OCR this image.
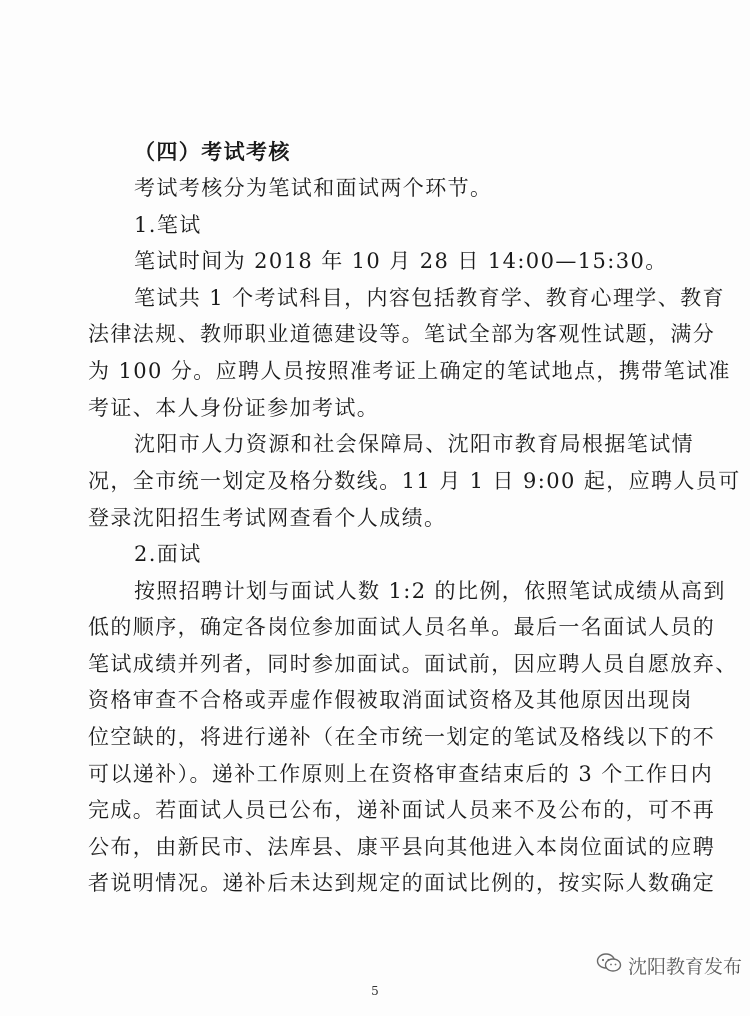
（四）考试考核
考试考核分为笔试和面试两个环节。
1.笔试
笔试时间为 2018 年 10 月 28 日 14:00—15:30。
笔试共 1 个考试科目，内容包括教育学、教育心理学、教育
法律法规、教师职业道德建设等。笔试全部为客观性试题，满分
为 100 分。应聘人员按照准考证上确定的笔试地点，携带笔试准
考证、本人身份证参加考试。
沈阳市人力资源和社会保障局、沈阳市教育局根据笔试情
况，全市统一划定及格分数线。11 月 1 日 9:00 起，应聘人员可
登录沈阳招生考试网查看个人成绩。
2.面试
按照招聘计划与面试人数 1:2 的比例，依照笔试成绩从高到
低的顺序，确定各岗位参加面试人员名单。最后一名面试人员的
笔试成绩并列者，同时参加面试。面试前，因应聘人员自愿放弃、
资格审查不合格或弄虚作假被取消面试资格及其他原因出现岗
位空缺的，将进行递补（在全市统一划定的笔试及格线以下的不
可以递补）。递补工作原则上在资格审查结束后的 3 个工作日内
完成。若面试人员已公布，递补面试人员来不及公布的，可不再
公布，由新民市、法库县、康平县向其他进入本岗位面试的应聘
者说明情况。递补后未达到规定的面试比例的，按实际人数确定
5
沈阳教育发布
